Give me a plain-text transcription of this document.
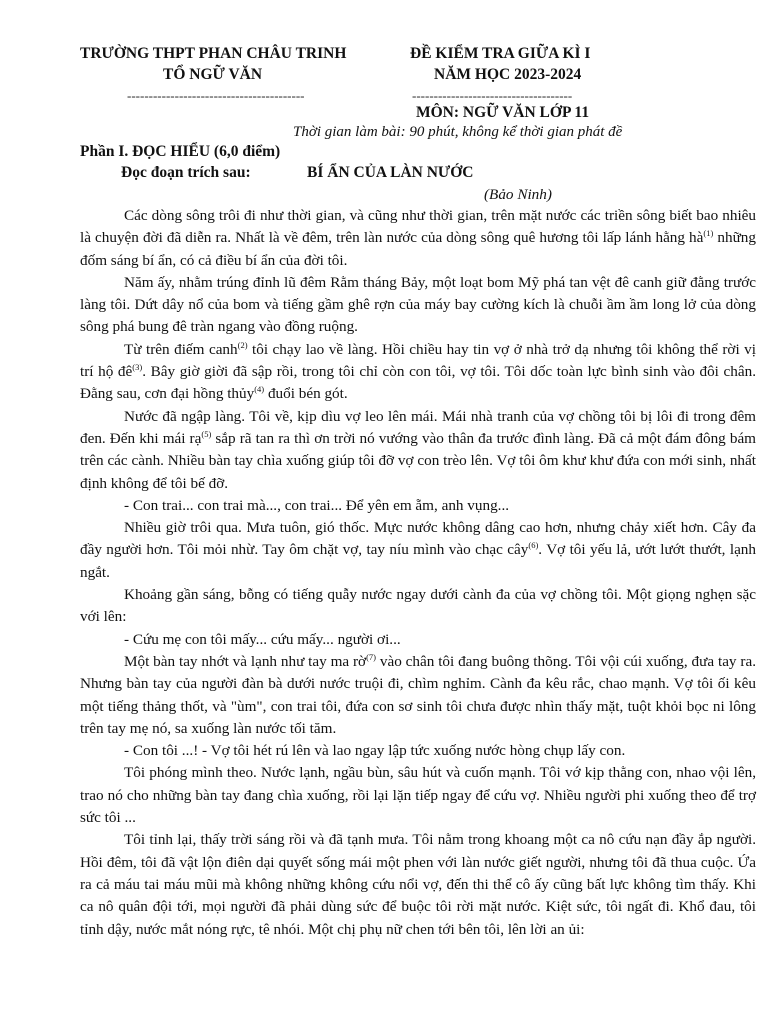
TRƯỜNG THPT PHAN CHÂU TRINH
TỔ NGỮ VĂN
-----------------------------------------
ĐỀ KIỂM TRA GIỮA KÌ I
NĂM HỌC 2023-2024
-------------------------------------
MÔN: NGỮ VĂN LỚP 11
Thời gian làm bài: 90 phút, không kể thời gian phát đề
Phần I. ĐỌC HIỂU (6,0 điểm)
Đọc đoạn trích sau:	BÍ ẨN CỦA LÀN NƯỚC
(Bảo Ninh)

Các dòng sông trôi đi như thời gian, và cũng như thời gian, trên mặt nước các triền sông biết bao nhiêu là chuyện đời đã diễn ra. Nhất là về đêm, trên làn nước của dòng sông quê hương tôi lấp lánh hằng $hà^{(1)}$ những đốm sáng bí ẩn, có cả điều bí ẩn của đời tôi.

Năm ấy, nhằm trúng đỉnh lũ đêm Rằm tháng Bảy, một loạt bom Mỹ phá tan vệt đê canh giữ đằng trước làng tôi. Dứt dây nổ của bom và tiếng gầm ghê rợn của máy bay cường kích là chuỗi ầm ầm long lở của dòng sông phá bung đê tràn ngang vào đồng ruộng.

Từ trên điếm canh$^{(2)}$ tôi chạy lao về làng. Hồi chiều hay tin vợ ở nhà trở dạ nhưng tôi không thể rời vị trí hộ $đê^{(3)}$. Bây giờ giời đã sập rồi, trong tôi chỉ còn con tôi, vợ tôi. Tôi dốc toàn lực bình sinh vào đôi chân. Đằng sau, cơn đại hồng thủy$^{(4)}$ đuổi bén gót.

Nước đã ngập làng. Tôi về, kịp dìu vợ leo lên mái. Mái nhà tranh của vợ chồng tôi bị lôi đi trong đêm đen. Đến khi mái rạ$^{(5)}$ sắp rã tan ra thì ơn trời nó vướng vào thân đa trước đình làng. Đã cả một đám đông bám trên các cành. Nhiều bàn tay chìa xuống giúp tôi đỡ vợ con trèo lên. Vợ tôi ôm khư khư đứa con mới sinh, nhất định không để tôi bế đỡ.

- Con trai... con trai mà..., con trai... Để yên em ẵm, anh vụng...

Nhiều giờ trôi qua. Mưa tuôn, gió thốc. Mực nước không dâng cao hơn, nhưng chảy xiết hơn. Cây đa đầy người hơn. Tôi mỏi nhừ. Tay ôm chặt vợ, tay níu mình vào chạc cây$^{(6)}$. Vợ tôi yếu lả, ướt lướt thướt, lạnh ngắt.

Khoảng gần sáng, bỗng có tiếng quẫy nước ngay dưới cành đa của vợ chồng tôi. Một giọng nghẹn sặc với lên:

- Cứu mẹ con tôi mấy... cứu mấy... người ơi...

Một bàn tay nhớt và lạnh như tay ma rờ$^{(7)}$ vào chân tôi đang buông thõng. Tôi vội cúi xuống, đưa tay ra. Nhưng bàn tay của người đàn bà dưới nước truội đi, chìm nghỉm. Cành đa kêu rắc, chao mạnh. Vợ tôi ối kêu một tiếng thảng thốt, và "ùm", con trai tôi, đứa con sơ sinh tôi chưa được nhìn thấy mặt, tuột khỏi bọc ni lông trên tay mẹ nó, sa xuống làn nước tối tăm.

- Con tôi ...! - Vợ tôi hét rú lên và lao ngay lập tức xuống nước hòng chụp lấy con.

Tôi phóng mình theo. Nước lạnh, ngầu bùn, sâu hút và cuốn mạnh. Tôi vớ kịp thằng con, nhao vội lên, trao nó cho những bàn tay đang chìa xuống, rồi lại lặn tiếp ngay để cứu vợ. Nhiều người phi xuống theo để trợ sức tôi ...

Tôi tỉnh lại, thấy trời sáng rồi và đã tạnh mưa. Tôi nằm trong khoang một ca nô cứu nạn đầy ắp người. Hồi đêm, tôi đã vật lộn điên dại quyết sống mái một phen với làn nước giết người, nhưng tôi đã thua cuộc. Ứa ra cả máu tai máu mũi mà không những không cứu nổi vợ, đến thi thể cô ấy cũng bất lực không tìm thấy. Khi ca nô quân đội tới, mọi người đã phải dùng sức để buộc tôi rời mặt nước. Kiệt sức, tôi ngất đi. Khổ đau, tôi tỉnh dậy, nước mắt nóng rực, tê nhói. Một chị phụ nữ chen tới bên tôi, lên lời an ủi:
